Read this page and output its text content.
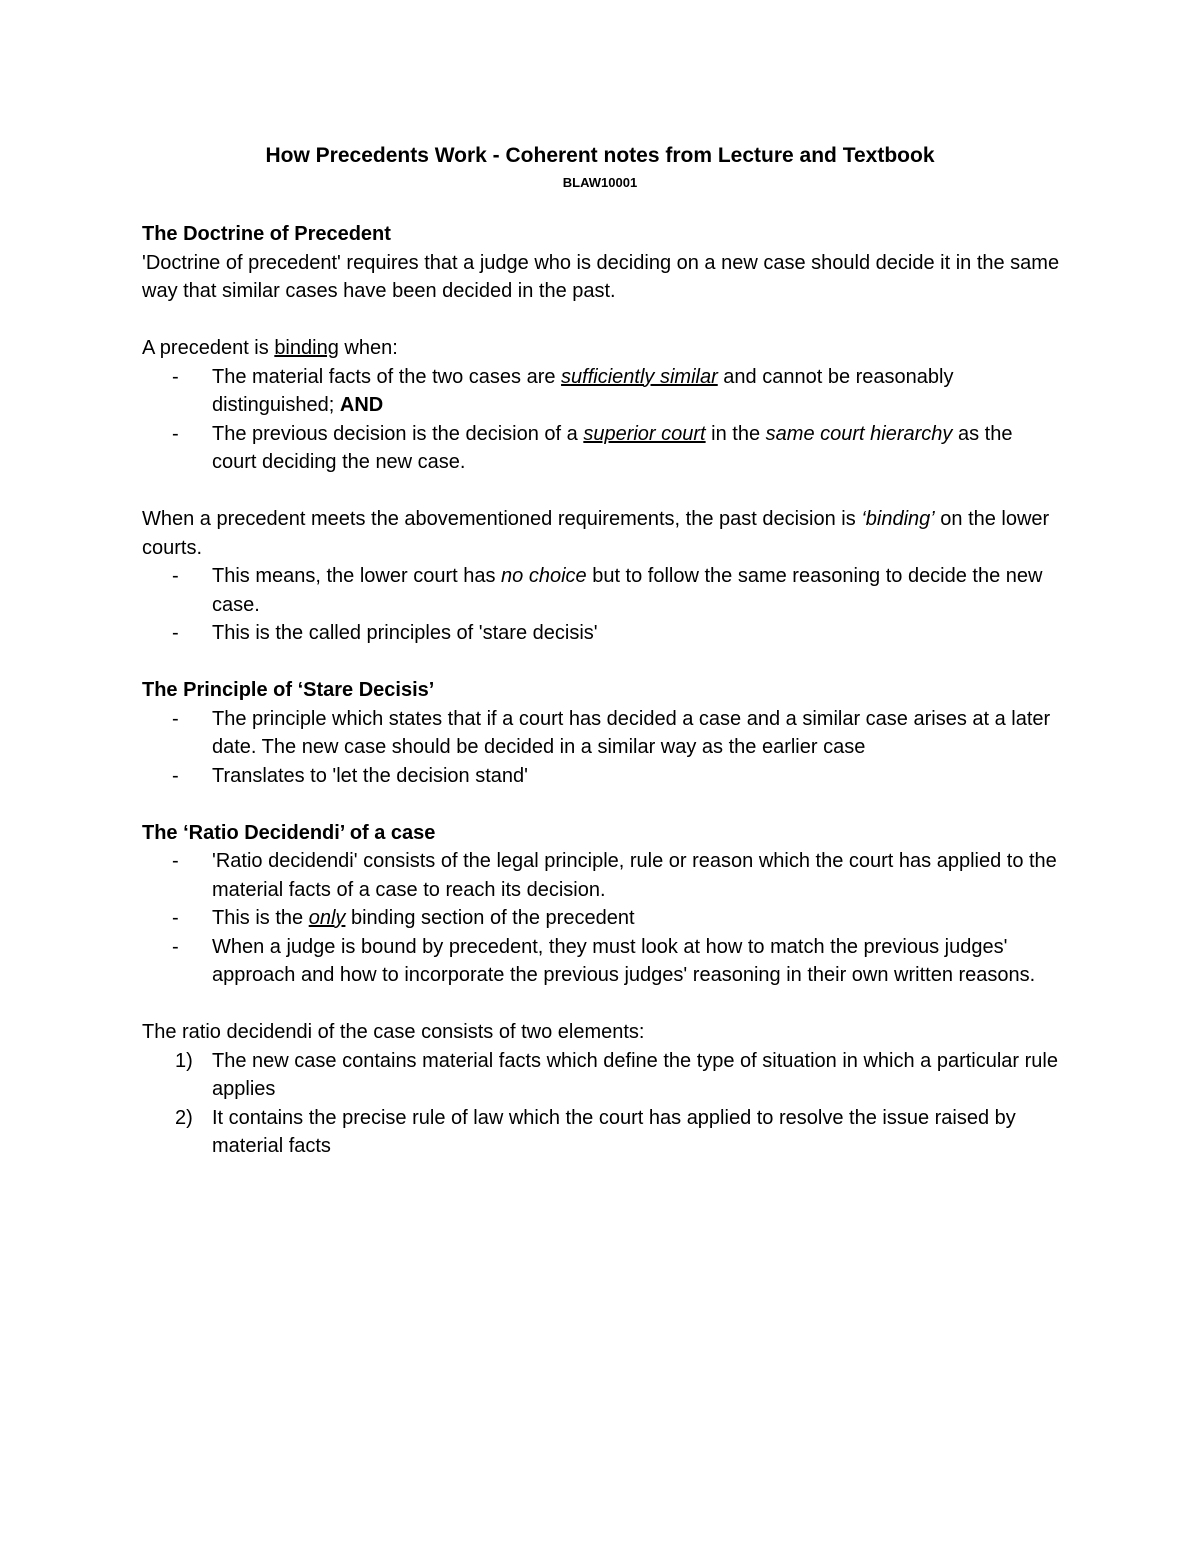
How Precedents Work - Coherent notes from Lecture and Textbook
BLAW10001

The Doctrine of Precedent

'Doctrine of precedent' requires that a judge who is deciding on a new case should decide it in the same way that similar cases have been decided in the past.

A precedent is binding when:

- The material facts of the two cases are sufficiently similar and cannot be reasonably distinguished; AND
- The previous decision is the decision of a superior court in the same court hierarchy as the court deciding the new case.

When a precedent meets the abovementioned requirements, the past decision is ‘binding’ on the lower courts.

- This means, the lower court has no choice but to follow the same reasoning to decide the new case.
- This is the called principles of 'stare decisis'

The Principle of ‘Stare Decisis’

- The principle which states that if a court has decided a case and a similar case arises at a later date. The new case should be decided in a similar way as the earlier case
- Translates to 'let the decision stand'

The ‘Ratio Decidendi’ of a case

- 'Ratio decidendi' consists of the legal principle, rule or reason which the court has applied to the material facts of a case to reach its decision.
- This is the only binding section of the precedent
- When a judge is bound by precedent, they must look at how to match the previous judges' approach and how to incorporate the previous judges' reasoning in their own written reasons.

The ratio decidendi of the case consists of two elements:

1) The new case contains material facts which define the type of situation in which a particular rule applies
2) It contains the precise rule of law which the court has applied to resolve the issue raised by material facts
